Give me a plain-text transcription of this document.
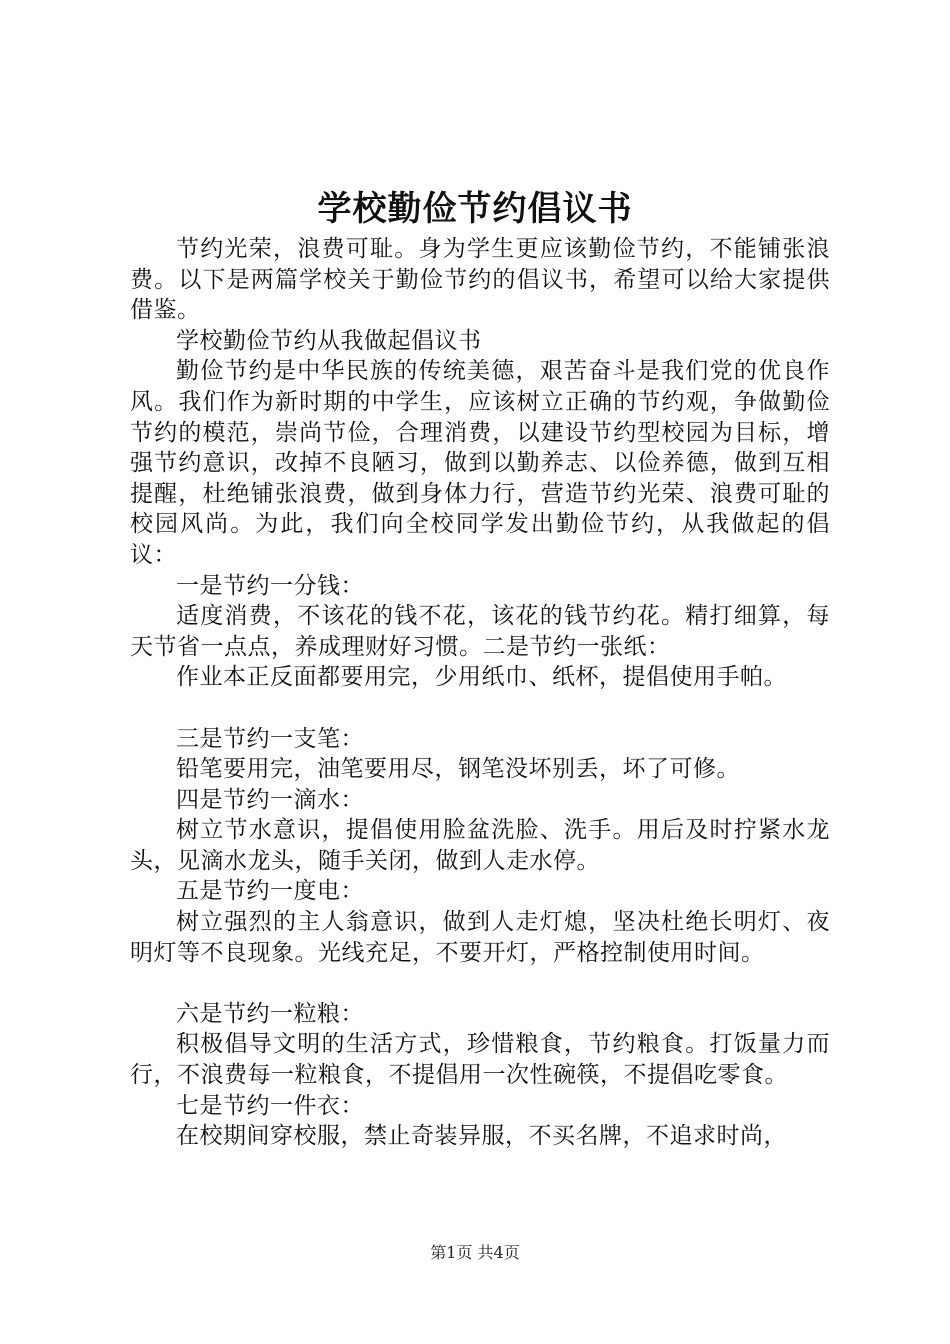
学校勤俭节约倡议书

节约光荣，浪费可耻。身为学生更应该勤俭节约，不能铺张浪费。以下是两篇学校关于勤俭节约的倡议书，希望可以给大家提供借鉴。

学校勤俭节约从我做起倡议书

勤俭节约是中华民族的传统美德，艰苦奋斗是我们党的优良作风。我们作为新时期的中学生，应该树立正确的节约观，争做勤俭节约的模范，崇尚节俭，合理消费，以建设节约型校园为目标，增强节约意识，改掉不良陋习，做到以勤养志、以俭养德，做到互相提醒，杜绝铺张浪费，做到身体力行，营造节约光荣、浪费可耻的校园风尚。为此，我们向全校同学发出勤俭节约，从我做起的倡议：

一是节约一分钱：

适度消费，不该花的钱不花，该花的钱节约花。精打细算，每天节省一点点，养成理财好习惯。二是节约一张纸：

作业本正反面都要用完，少用纸巾、纸杯，提倡使用手帕。

三是节约一支笔：

铅笔要用完，油笔要用尽，钢笔没坏别丢，坏了可修。

四是节约一滴水：

树立节水意识，提倡使用脸盆洗脸、洗手。用后及时拧紧水龙头，见滴水龙头，随手关闭，做到人走水停。

五是节约一度电：

树立强烈的主人翁意识，做到人走灯熄，坚决杜绝长明灯、夜明灯等不良现象。光线充足，不要开灯，严格控制使用时间。

六是节约一粒粮：

积极倡导文明的生活方式，珍惜粮食，节约粮食。打饭量力而行，不浪费每一粒粮食，不提倡用一次性碗筷，不提倡吃零食。

七是节约一件衣：

在校期间穿校服，禁止奇装异服，不买名牌，不追求时尚，

第1页 共4页
